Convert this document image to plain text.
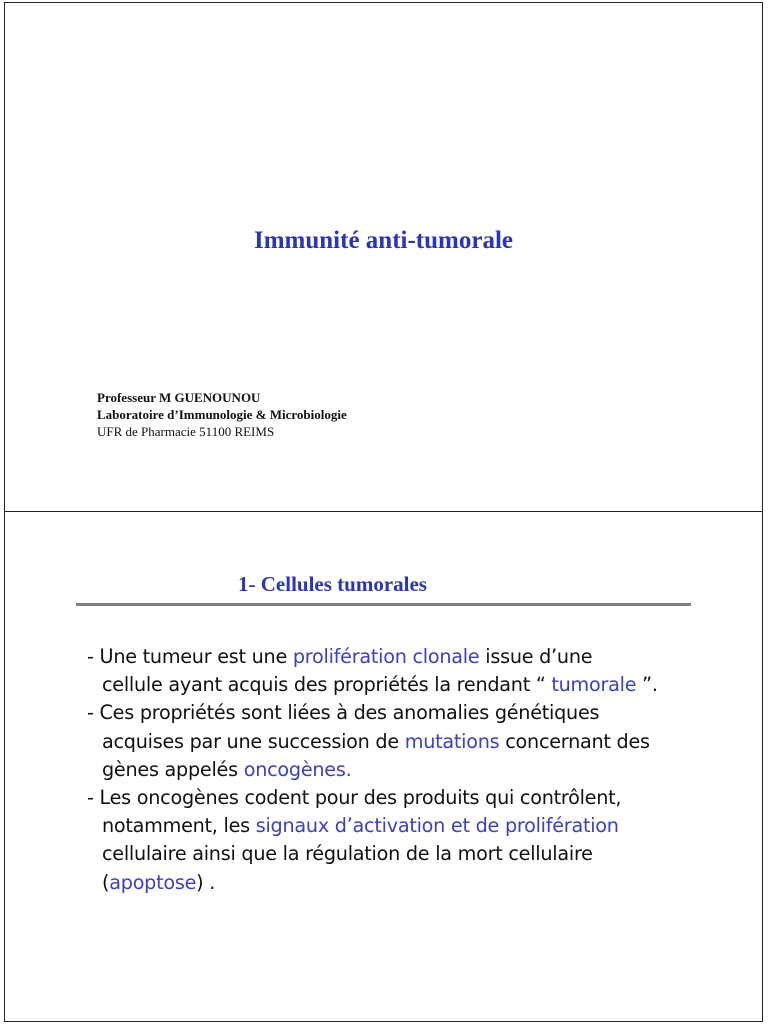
Immunité anti-tumorale
Professeur M GUENOUNOU
Laboratoire d’Immunologie & Microbiologie
UFR de Pharmacie 51100 REIMS
1- Cellules tumorales
- Une tumeur est une prolifération clonale issue d’une
cellule ayant acquis des propriétés la rendant “ tumorale ”.
- Ces propriétés sont liées à des anomalies génétiques
acquises par une succession de mutations concernant des
gènes appelés oncogènes.
- Les oncogènes codent pour des produits qui contrôlent,
notamment, les signaux d’activation et de prolifération
cellulaire ainsi que la régulation de la mort cellulaire
(apoptose) .
